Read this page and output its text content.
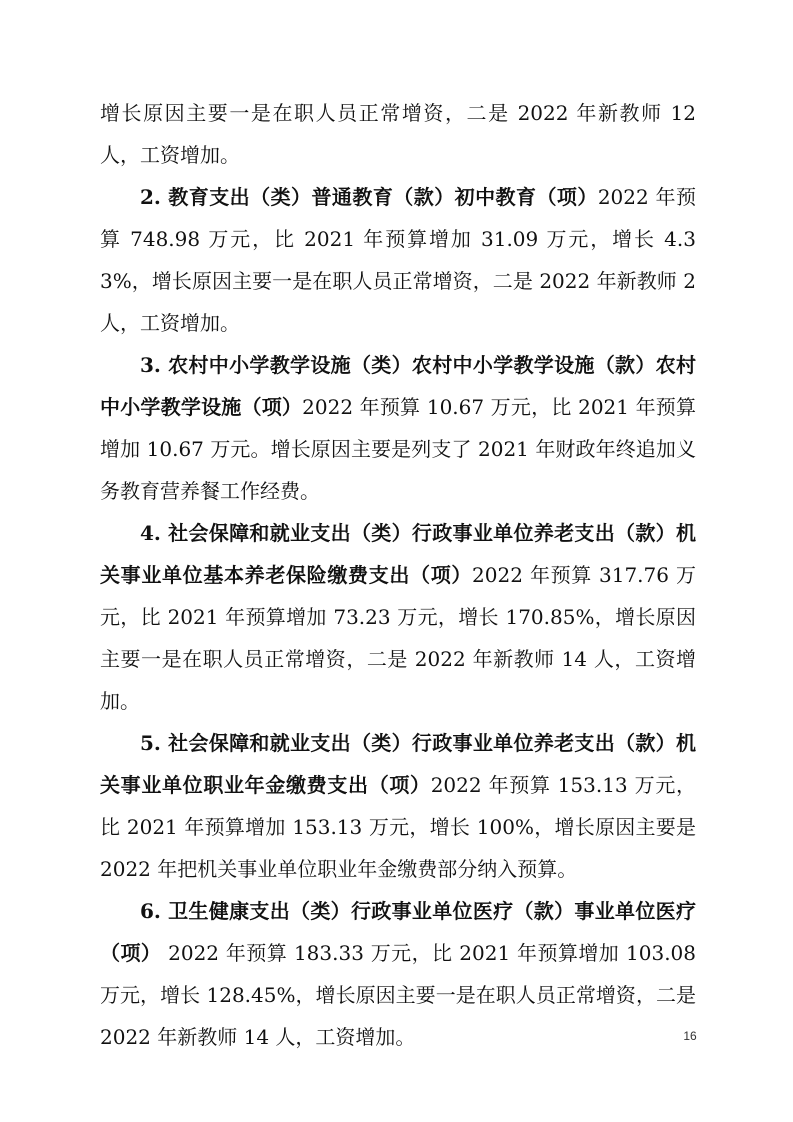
增长原因主要一是在职人员正常增资，二是 2022 年新教师 12 人，工资增加。

2. 教育支出（类）普通教育（款）初中教育（项）2022 年预算 748.98 万元，比 2021 年预算增加 31.09 万元，增长 4.33%，增长原因主要一是在职人员正常增资，二是 2022 年新教师 2 人，工资增加。

3. 农村中小学教学设施（类）农村中小学教学设施（款）农村中小学教学设施（项）2022 年预算 10.67 万元，比 2021 年预算增加 10.67 万元。增长原因主要是列支了 2021 年财政年终追加义务教育营养餐工作经费。

4. 社会保障和就业支出（类）行政事业单位养老支出（款）机关事业单位基本养老保险缴费支出（项）2022 年预算 317.76 万元，比 2021 年预算增加 73.23 万元，增长 170.85%，增长原因主要一是在职人员正常增资，二是 2022 年新教师 14 人，工资增加。

5. 社会保障和就业支出（类）行政事业单位养老支出（款）机关事业单位职业年金缴费支出（项）2022 年预算 153.13 万元，比 2021 年预算增加 153.13 万元，增长 100%，增长原因主要是 2022 年把机关事业单位职业年金缴费部分纳入预算。

6. 卫生健康支出（类）行政事业单位医疗（款）事业单位医疗（项） 2022 年预算 183.33 万元，比 2021 年预算增加 103.08 万元，增长 128.45%，增长原因主要一是在职人员正常增资，二是 2022 年新教师 14 人，工资增加。	16
